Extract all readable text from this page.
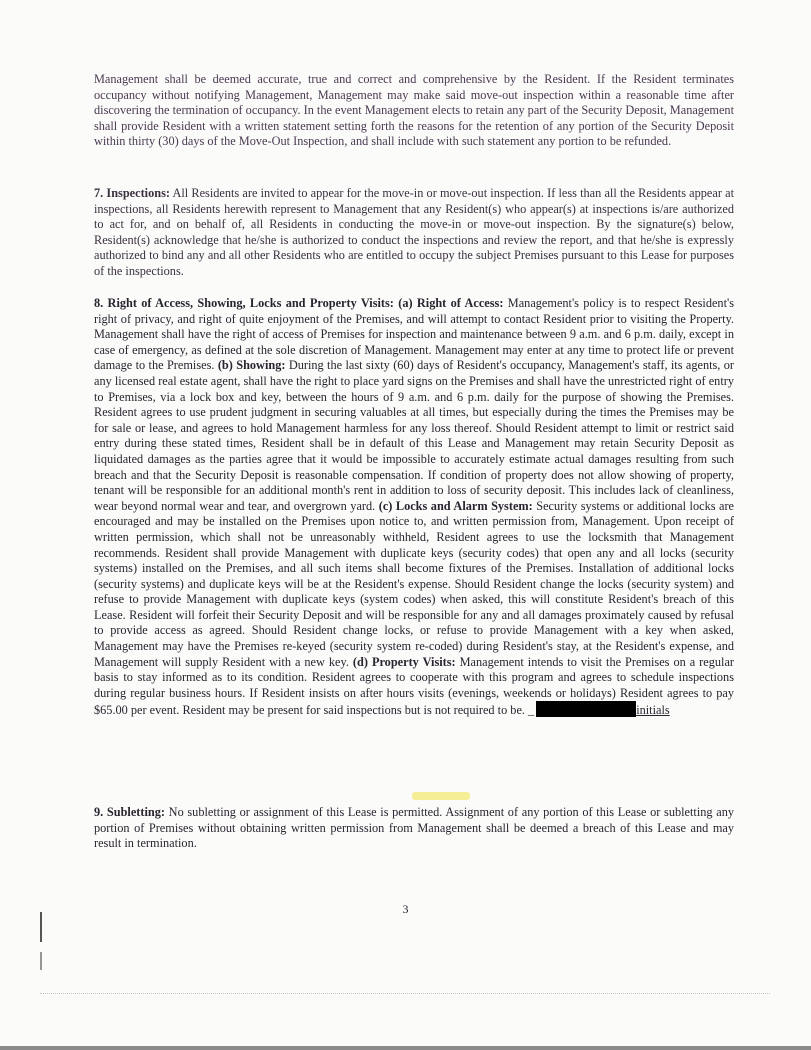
Management shall be deemed accurate, true and correct and comprehensive by the Resident. If the Resident terminates occupancy without notifying Management, Management may make said move-out inspection within a reasonable time after discovering the termination of occupancy. In the event Management elects to retain any part of the Security Deposit, Management shall provide Resident with a written statement setting forth the reasons for the retention of any portion of the Security Deposit within thirty (30) days of the Move-Out Inspection, and shall include with such statement any portion to be refunded.
7. Inspections: All Residents are invited to appear for the move-in or move-out inspection. If less than all the Residents appear at inspections, all Residents herewith represent to Management that any Resident(s) who appear(s) at inspections is/are authorized to act for, and on behalf of, all Residents in conducting the move-in or move-out inspection. By the signature(s) below, Resident(s) acknowledge that he/she is authorized to conduct the inspections and review the report, and that he/she is expressly authorized to bind any and all other Residents who are entitled to occupy the subject Premises pursuant to this Lease for purposes of the inspections.
8. Right of Access, Showing, Locks and Property Visits: (a) Right of Access: Management's policy is to respect Resident's right of privacy, and right of quite enjoyment of the Premises, and will attempt to contact Resident prior to visiting the Property. Management shall have the right of access of Premises for inspection and maintenance between 9 a.m. and 6 p.m. daily, except in case of emergency, as defined at the sole discretion of Management. Management may enter at any time to protect life or prevent damage to the Premises. (b) Showing: During the last sixty (60) days of Resident's occupancy, Management's staff, its agents, or any licensed real estate agent, shall have the right to place yard signs on the Premises and shall have the unrestricted right of entry to Premises, via a lock box and key, between the hours of 9 a.m. and 6 p.m. daily for the purpose of showing the Premises. Resident agrees to use prudent judgment in securing valuables at all times, but especially during the times the Premises may be for sale or lease, and agrees to hold Management harmless for any loss thereof. Should Resident attempt to limit or restrict said entry during these stated times, Resident shall be in default of this Lease and Management may retain Security Deposit as liquidated damages as the parties agree that it would be impossible to accurately estimate actual damages resulting from such breach and that the Security Deposit is reasonable compensation. If condition of property does not allow showing of property, tenant will be responsible for an additional month's rent in addition to loss of security deposit. This includes lack of cleanliness, wear beyond normal wear and tear, and overgrown yard. (c) Locks and Alarm System: Security systems or additional locks are encouraged and may be installed on the Premises upon notice to, and written permission from, Management. Upon receipt of written permission, which shall not be unreasonably withheld, Resident agrees to use the locksmith that Management recommends. Resident shall provide Management with duplicate keys (security codes) that open any and all locks (security systems) installed on the Premises, and all such items shall become fixtures of the Premises. Installation of additional locks (security systems) and duplicate keys will be at the Resident's expense. Should Resident change the locks (security system) and refuse to provide Management with duplicate keys (system codes) when asked, this will constitute Resident's breach of this Lease. Resident will forfeit their Security Deposit and will be responsible for any and all damages proximately caused by refusal to provide access as agreed. Should Resident change locks, or refuse to provide Management with a key when asked, Management may have the Premises re-keyed (security system re-coded) during Resident's stay, at the Resident's expense, and Management will supply Resident with a new key. (d) Property Visits: Management intends to visit the Premises on a regular basis to stay informed as to its condition. Resident agrees to cooperate with this program and agrees to schedule inspections during regular business hours. If Resident insists on after hours visits (evenings, weekends or holidays) Resident agrees to pay $65.00 per event. Resident may be present for said inspections but is not required to be. _	initials
9. Subletting: No subletting or assignment of this Lease is permitted. Assignment of any portion of this Lease or subletting any portion of Premises without obtaining written permission from Management shall be deemed a breach of this Lease and may result in termination.
3
